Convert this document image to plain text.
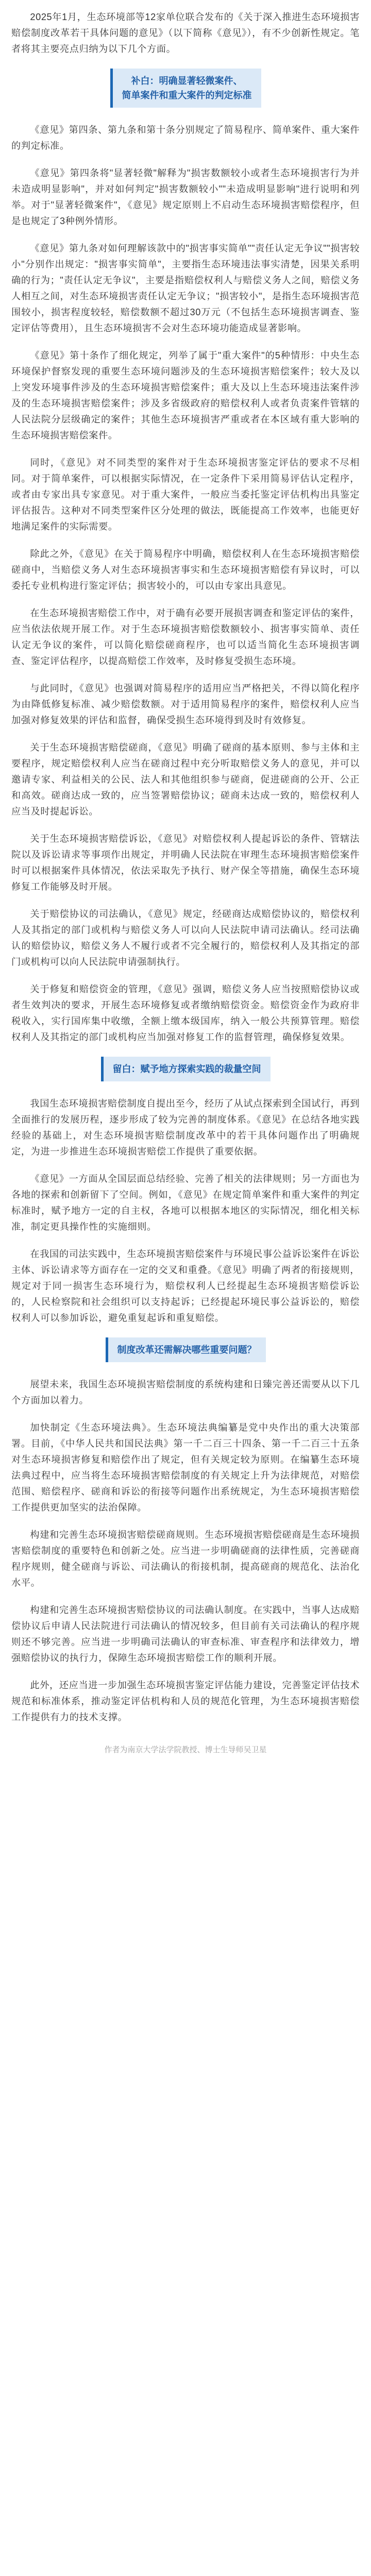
2025年1月，生态环境部等12家单位联合发布的《关于深入推进生态环境损害赔偿制度改革若干具体问题的意见》（以下简称《意见》），有不少创新性规定。笔者将其主要亮点归纳为以下几个方面。

补白：明确显著轻微案件、
简单案件和重大案件的判定标准

《意见》第四条、第九条和第十条分别规定了简易程序、简单案件、重大案件的判定标准。

《意见》第四条将"显著轻微"解释为"损害数额较小或者生态环境损害行为并未造成明显影响"，并对如何判定"损害数额较小""未造成明显影响"进行说明和列举。对于"显著轻微案件"，《意见》规定原则上不启动生态环境损害赔偿程序，但是也规定了3种例外情形。

《意见》第九条对如何理解该款中的"损害事实简单""责任认定无争议""损害较小"分别作出规定："损害事实简单"，主要指生态环境违法事实清楚，因果关系明确的行为；"责任认定无争议"，主要是指赔偿权利人与赔偿义务人之间，赔偿义务人相互之间，对生态环境损害责任认定无争议；"损害较小"，是指生态环境损害范围较小，损害程度较轻，赔偿数额不超过30万元（不包括生态环境损害调查、鉴定评估等费用），且生态环境损害不会对生态环境功能造成显著影响。

《意见》第十条作了细化规定，列举了属于"重大案件"的5种情形：中央生态环境保护督察发现的重要生态环境问题涉及的生态环境损害赔偿案件；较大及以上突发环境事件涉及的生态环境损害赔偿案件；重大及以上生态环境违法案件涉及的生态环境损害赔偿案件；涉及多省级政府的赔偿权利人或者负责案件管辖的人民法院分层级确定的案件；其他生态环境损害严重或者在本区域有重大影响的生态环境损害赔偿案件。

同时，《意见》对不同类型的案件对于生态环境损害鉴定评估的要求不尽相同。对于简单案件，可以根据实际情况，在一定条件下采用简易评估认定程序，或者由专家出具专家意见。对于重大案件，一般应当委托鉴定评估机构出具鉴定评估报告。这种对不同类型案件区分处理的做法，既能提高工作效率，也能更好地满足案件的实际需要。

除此之外，《意见》在关于简易程序中明确，赔偿权利人在生态环境损害赔偿磋商中，当赔偿义务人对生态环境损害事实和生态环境损害赔偿有异议时，可以委托专业机构进行鉴定评估；损害较小的，可以由专家出具意见。

在生态环境损害赔偿工作中，对于确有必要开展损害调查和鉴定评估的案件，应当依法依规开展工作。对于生态环境损害赔偿数额较小、损害事实简单、责任认定无争议的案件，可以简化赔偿磋商程序，也可以适当简化生态环境损害调查、鉴定评估程序，以提高赔偿工作效率，及时修复受损生态环境。

与此同时，《意见》也强调对简易程序的适用应当严格把关，不得以简化程序为由降低修复标准、减少赔偿数额。对于适用简易程序的案件，赔偿权利人应当加强对修复效果的评估和监督，确保受损生态环境得到及时有效修复。

关于生态环境损害赔偿磋商，《意见》明确了磋商的基本原则、参与主体和主要程序，规定赔偿权利人应当在磋商过程中充分听取赔偿义务人的意见，并可以邀请专家、利益相关的公民、法人和其他组织参与磋商，促进磋商的公开、公正和高效。磋商达成一致的，应当签署赔偿协议；磋商未达成一致的，赔偿权利人应当及时提起诉讼。

关于生态环境损害赔偿诉讼，《意见》对赔偿权利人提起诉讼的条件、管辖法院以及诉讼请求等事项作出规定，并明确人民法院在审理生态环境损害赔偿案件时可以根据案件具体情况，依法采取先予执行、财产保全等措施，确保生态环境修复工作能够及时开展。

关于赔偿协议的司法确认，《意见》规定，经磋商达成赔偿协议的，赔偿权利人及其指定的部门或机构与赔偿义务人可以向人民法院申请司法确认。经司法确认的赔偿协议，赔偿义务人不履行或者不完全履行的，赔偿权利人及其指定的部门或机构可以向人民法院申请强制执行。

关于修复和赔偿资金的管理，《意见》强调，赔偿义务人应当按照赔偿协议或者生效判决的要求，开展生态环境修复或者缴纳赔偿资金。赔偿资金作为政府非税收入，实行国库集中收缴，全额上缴本级国库，纳入一般公共预算管理。赔偿权利人及其指定的部门或机构应当加强对修复工作的监督管理，确保修复效果。

留白：赋予地方探索实践的裁量空间

我国生态环境损害赔偿制度自提出至今，经历了从试点探索到全国试行，再到全面推行的发展历程，逐步形成了较为完善的制度体系。《意见》在总结各地实践经验的基础上，对生态环境损害赔偿制度改革中的若干具体问题作出了明确规定，为进一步推进生态环境损害赔偿工作提供了重要依据。

《意见》一方面从全国层面总结经验、完善了相关的法律规则；另一方面也为各地的探索和创新留下了空间。例如，《意见》在规定简单案件和重大案件的判定标准时，赋予地方一定的自主权，各地可以根据本地区的实际情况，细化相关标准，制定更具操作性的实施细则。

在我国的司法实践中，生态环境损害赔偿案件与环境民事公益诉讼案件在诉讼主体、诉讼请求等方面存在一定的交叉和重叠。《意见》明确了两者的衔接规则，规定对于同一损害生态环境行为，赔偿权利人已经提起生态环境损害赔偿诉讼的，人民检察院和社会组织可以支持起诉；已经提起环境民事公益诉讼的，赔偿权利人可以参加诉讼，避免重复起诉和重复赔偿。

制度改革还需解决哪些重要问题？

展望未来，我国生态环境损害赔偿制度的系统构建和日臻完善还需要从以下几个方面加以着力。

加快制定《生态环境法典》。生态环境法典编纂是党中央作出的重大决策部署。目前，《中华人民共和国民法典》第一千二百三十四条、第一千二百三十五条对生态环境损害修复和赔偿作出了规定，但有关规定较为原则。在编纂生态环境法典过程中，应当将生态环境损害赔偿制度的有关规定上升为法律规范，对赔偿范围、赔偿程序、磋商和诉讼的衔接等问题作出系统规定，为生态环境损害赔偿工作提供更加坚实的法治保障。

构建和完善生态环境损害赔偿磋商规则。生态环境损害赔偿磋商是生态环境损害赔偿制度的重要特色和创新之处。应当进一步明确磋商的法律性质，完善磋商程序规则，健全磋商与诉讼、司法确认的衔接机制，提高磋商的规范化、法治化水平。

构建和完善生态环境损害赔偿协议的司法确认制度。在实践中，当事人达成赔偿协议后申请人民法院进行司法确认的情况较多，但目前有关司法确认的程序规则还不够完善。应当进一步明确司法确认的审查标准、审查程序和法律效力，增强赔偿协议的执行力，保障生态环境损害赔偿工作的顺利开展。

此外，还应当进一步加强生态环境损害鉴定评估能力建设，完善鉴定评估技术规范和标准体系，推动鉴定评估机构和人员的规范化管理，为生态环境损害赔偿工作提供有力的技术支撑。

作者为南京大学法学院教授、博士生导师吴卫星
